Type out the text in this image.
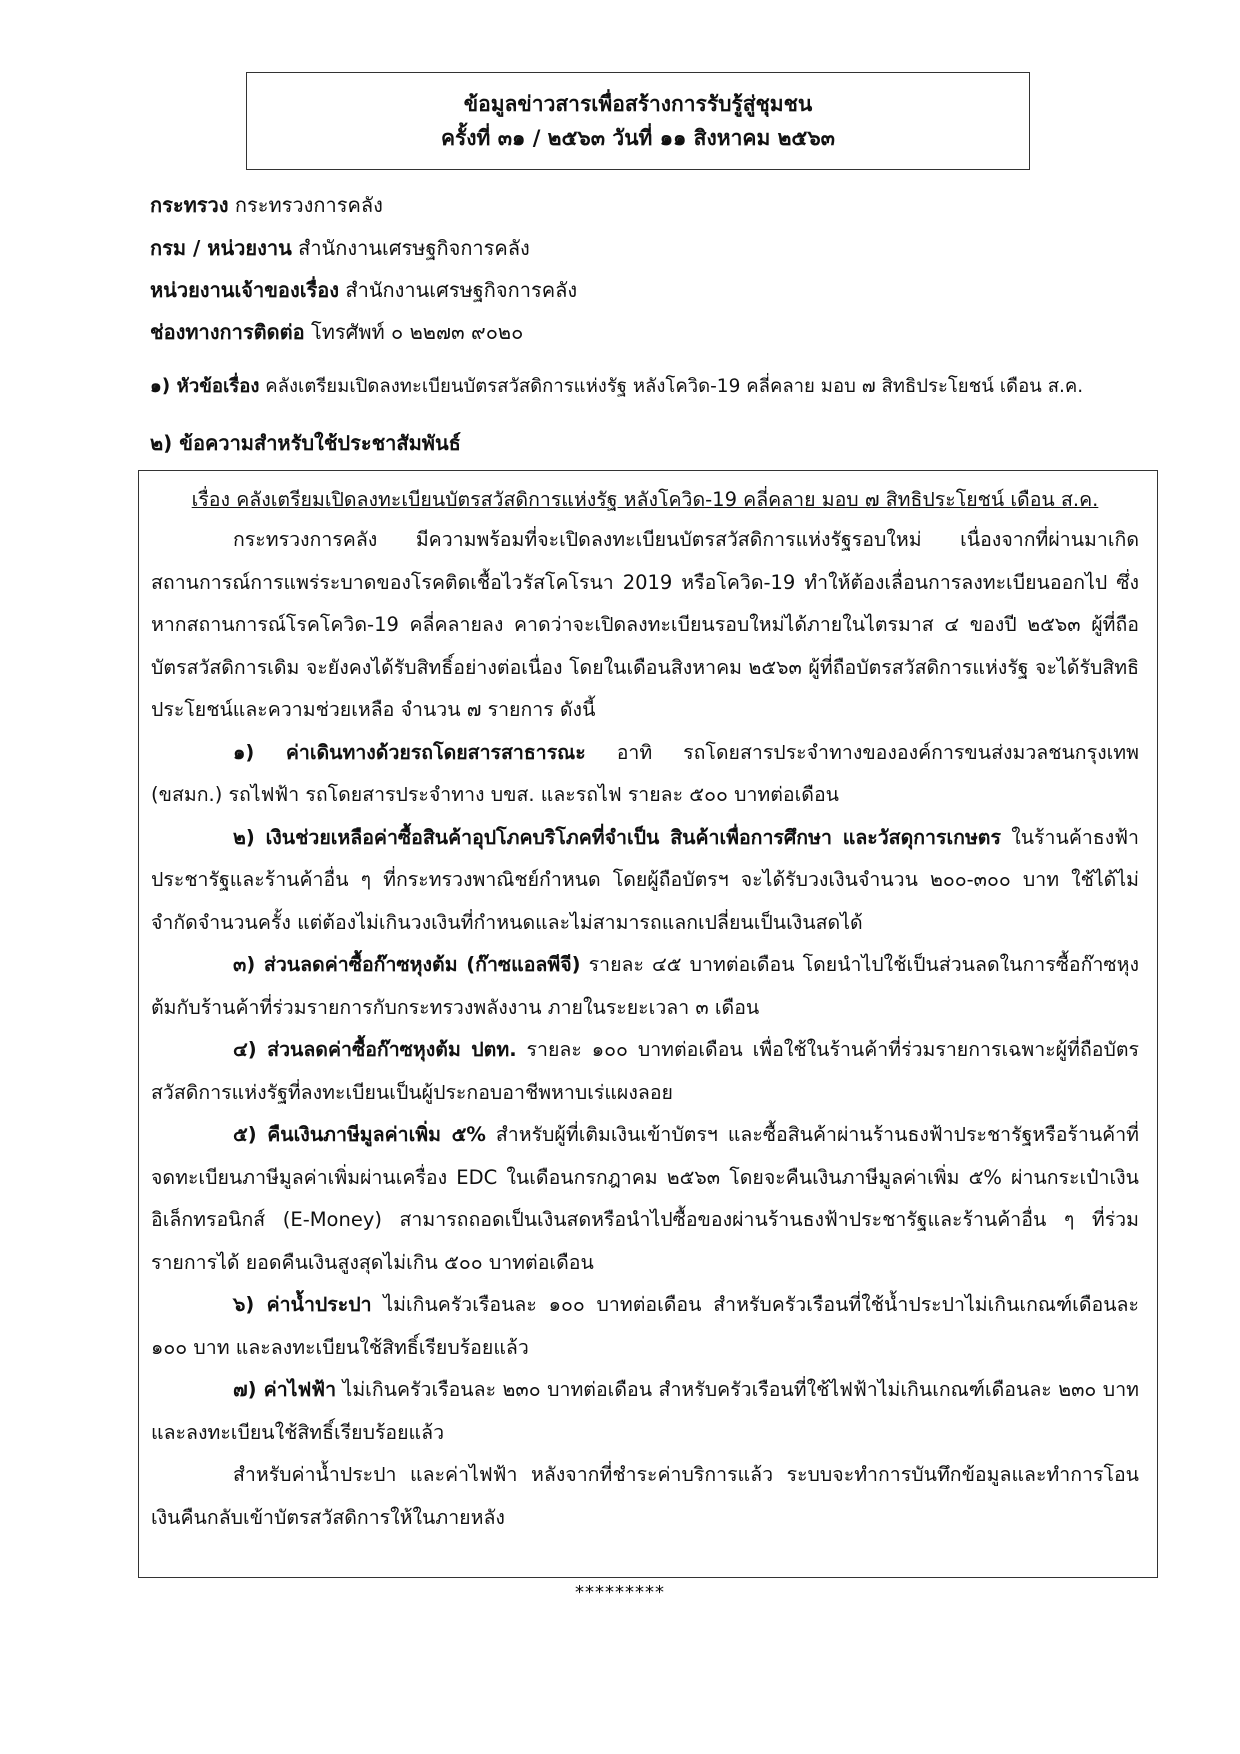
ข้อมูลข่าวสารเพื่อสร้างการรับรู้สู่ชุมชน
ครั้งที่ ๓๑ / ๒๕๖๓ วันที่ ๑๑ สิงหาคม ๒๕๖๓
กระทรวง กระทรวงการคลัง
กรม / หน่วยงาน สำนักงานเศรษฐกิจการคลัง
หน่วยงานเจ้าของเรื่อง สำนักงานเศรษฐกิจการคลัง
ช่องทางการติดต่อ โทรศัพท์ ๐ ๒๒๗๓ ๙๐๒๐
๑) หัวข้อเรื่อง คลังเตรียมเปิดลงทะเบียนบัตรสวัสดิการแห่งรัฐ หลังโควิด-19 คลี่คลาย มอบ ๗ สิทธิประโยชน์ เดือน ส.ค.
๒) ข้อความสำหรับใช้ประชาสัมพันธ์

เรื่อง คลังเตรียมเปิดลงทะเบียนบัตรสวัสดิการแห่งรัฐ หลังโควิด-19 คลี่คลาย มอบ ๗ สิทธิประโยชน์ เดือน ส.ค.

กระทรวงการคลัง มีความพร้อมที่จะเปิดลงทะเบียนบัตรสวัสดิการแห่งรัฐรอบใหม่ เนื่องจากที่ผ่านมาเกิดสถานการณ์การแพร่ระบาดของโรคติดเชื้อไวรัสโคโรนา 2019 หรือโควิด-19 ทำให้ต้องเลื่อนการลงทะเบียนออกไป ซึ่งหากสถานการณ์โรคโควิด-19 คลี่คลายลง คาดว่าจะเปิดลงทะเบียนรอบใหม่ได้ภายในไตรมาส ๔ ของปี ๒๕๖๓ ผู้ที่ถือบัตรสวัสดิการเดิม จะยังคงได้รับสิทธิ์อย่างต่อเนื่อง โดยในเดือนสิงหาคม ๒๕๖๓ ผู้ที่ถือบัตรสวัสดิการแห่งรัฐ จะได้รับสิทธิประโยชน์และความช่วยเหลือ จำนวน ๗ รายการ ดังนี้

๑) ค่าเดินทางด้วยรถโดยสารสาธารณะ อาทิ รถโดยสารประจำทางขององค์การขนส่งมวลชนกรุงเทพ (ขสมก.) รถไฟฟ้า รถโดยสารประจำทาง บขส. และรถไฟ รายละ ๕๐๐ บาทต่อเดือน

๒) เงินช่วยเหลือค่าซื้อสินค้าอุปโภคบริโภคที่จำเป็น สินค้าเพื่อการศึกษา และวัสดุการเกษตร ในร้านค้าธงฟ้าประชารัฐและร้านค้าอื่น ๆ ที่กระทรวงพาณิชย์กำหนด โดยผู้ถือบัตรฯ จะได้รับวงเงินจำนวน ๒๐๐-๓๐๐ บาท ใช้ได้ไม่จำกัดจำนวนครั้ง แต่ต้องไม่เกินวงเงินที่กำหนดและไม่สามารถแลกเปลี่ยนเป็นเงินสดได้

๓) ส่วนลดค่าซื้อก๊าซหุงต้ม (ก๊าซแอลพีจี) รายละ ๔๕ บาทต่อเดือน โดยนำไปใช้เป็นส่วนลดในการซื้อก๊าซหุงต้มกับร้านค้าที่ร่วมรายการกับกระทรวงพลังงาน ภายในระยะเวลา ๓ เดือน

๔) ส่วนลดค่าซื้อก๊าซหุงต้ม ปตท. รายละ ๑๐๐ บาทต่อเดือน เพื่อใช้ในร้านค้าที่ร่วมรายการเฉพาะผู้ที่ถือบัตรสวัสดิการแห่งรัฐที่ลงทะเบียนเป็นผู้ประกอบอาชีพหาบเร่แผงลอย

๕) คืนเงินภาษีมูลค่าเพิ่ม ๕% สำหรับผู้ที่เติมเงินเข้าบัตรฯ และซื้อสินค้าผ่านร้านธงฟ้าประชารัฐหรือร้านค้าที่จดทะเบียนภาษีมูลค่าเพิ่มผ่านเครื่อง EDC ในเดือนกรกฎาคม ๒๕๖๓ โดยจะคืนเงินภาษีมูลค่าเพิ่ม ๕% ผ่านกระเป๋าเงินอิเล็กทรอนิกส์ (E-Money) สามารถถอดเป็นเงินสดหรือนำไปซื้อของผ่านร้านธงฟ้าประชารัฐและร้านค้าอื่น ๆ ที่ร่วมรายการได้ ยอดคืนเงินสูงสุดไม่เกิน ๕๐๐ บาทต่อเดือน

๖) ค่าน้ำประปา ไม่เกินครัวเรือนละ ๑๐๐ บาทต่อเดือน สำหรับครัวเรือนที่ใช้น้ำประปาไม่เกินเกณฑ์เดือนละ ๑๐๐ บาท และลงทะเบียนใช้สิทธิ์เรียบร้อยแล้ว

๗) ค่าไฟฟ้า ไม่เกินครัวเรือนละ ๒๓๐ บาทต่อเดือน สำหรับครัวเรือนที่ใช้ไฟฟ้าไม่เกินเกณฑ์เดือนละ ๒๓๐ บาท และลงทะเบียนใช้สิทธิ์เรียบร้อยแล้ว

สำหรับค่าน้ำประปา และค่าไฟฟ้า หลังจากที่ชำระค่าบริการแล้ว ระบบจะทำการบันทึกข้อมูลและทำการโอนเงินคืนกลับเข้าบัตรสวัสดิการให้ในภายหลัง

*********
